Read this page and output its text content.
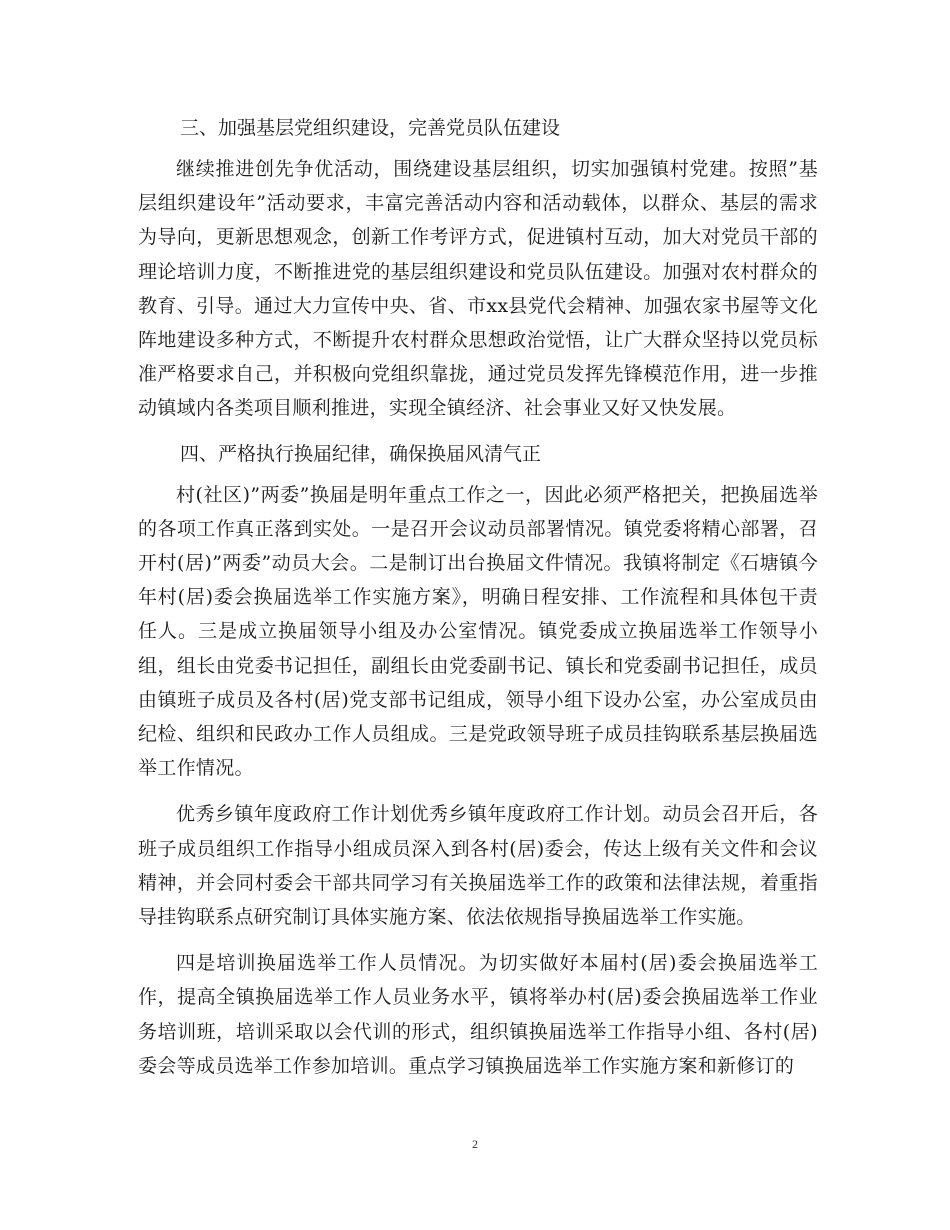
三、加强基层党组织建设，完善党员队伍建设

继续推进创先争优活动，围绕建设基层组织，切实加强镇村党建。按照”基层组织建设年”活动要求，丰富完善活动内容和活动载体，以群众、基层的需求为导向，更新思想观念，创新工作考评方式，促进镇村互动，加大对党员干部的理论培训力度，不断推进党的基层组织建设和党员队伍建设。加强对农村群众的教育、引导。通过大力宣传中央、省、市xx县党代会精神、加强农家书屋等文化阵地建设多种方式，不断提升农村群众思想政治觉悟，让广大群众坚持以党员标准严格要求自己，并积极向党组织靠拢，通过党员发挥先锋模范作用，进一步推动镇域内各类项目顺利推进，实现全镇经济、社会事业又好又快发展。

四、严格执行换届纪律，确保换届风清气正

村(社区)”两委”换届是明年重点工作之一，因此必须严格把关，把换届选举的各项工作真正落到实处。一是召开会议动员部署情况。镇党委将精心部署，召开村(居)”两委”动员大会。二是制订出台换届文件情况。我镇将制定《石塘镇今年村(居)委会换届选举工作实施方案》，明确日程安排、工作流程和具体包干责任人。三是成立换届领导小组及办公室情况。镇党委成立换届选举工作领导小组，组长由党委书记担任，副组长由党委副书记、镇长和党委副书记担任，成员由镇班子成员及各村(居)党支部书记组成，领导小组下设办公室，办公室成员由纪检、组织和民政办工作人员组成。三是党政领导班子成员挂钩联系基层换届选举工作情况。

优秀乡镇年度政府工作计划优秀乡镇年度政府工作计划。动员会召开后，各班子成员组织工作指导小组成员深入到各村(居)委会，传达上级有关文件和会议精神，并会同村委会干部共同学习有关换届选举工作的政策和法律法规，着重指导挂钩联系点研究制订具体实施方案、依法依规指导换届选举工作实施。

四是培训换届选举工作人员情况。为切实做好本届村(居)委会换届选举工作，提高全镇换届选举工作人员业务水平，镇将举办村(居)委会换届选举工作业务培训班，培训采取以会代训的形式，组织镇换届选举工作指导小组、各村(居)委会等成员选举工作参加培训。重点学习镇换届选举工作实施方案和新修订的

2
